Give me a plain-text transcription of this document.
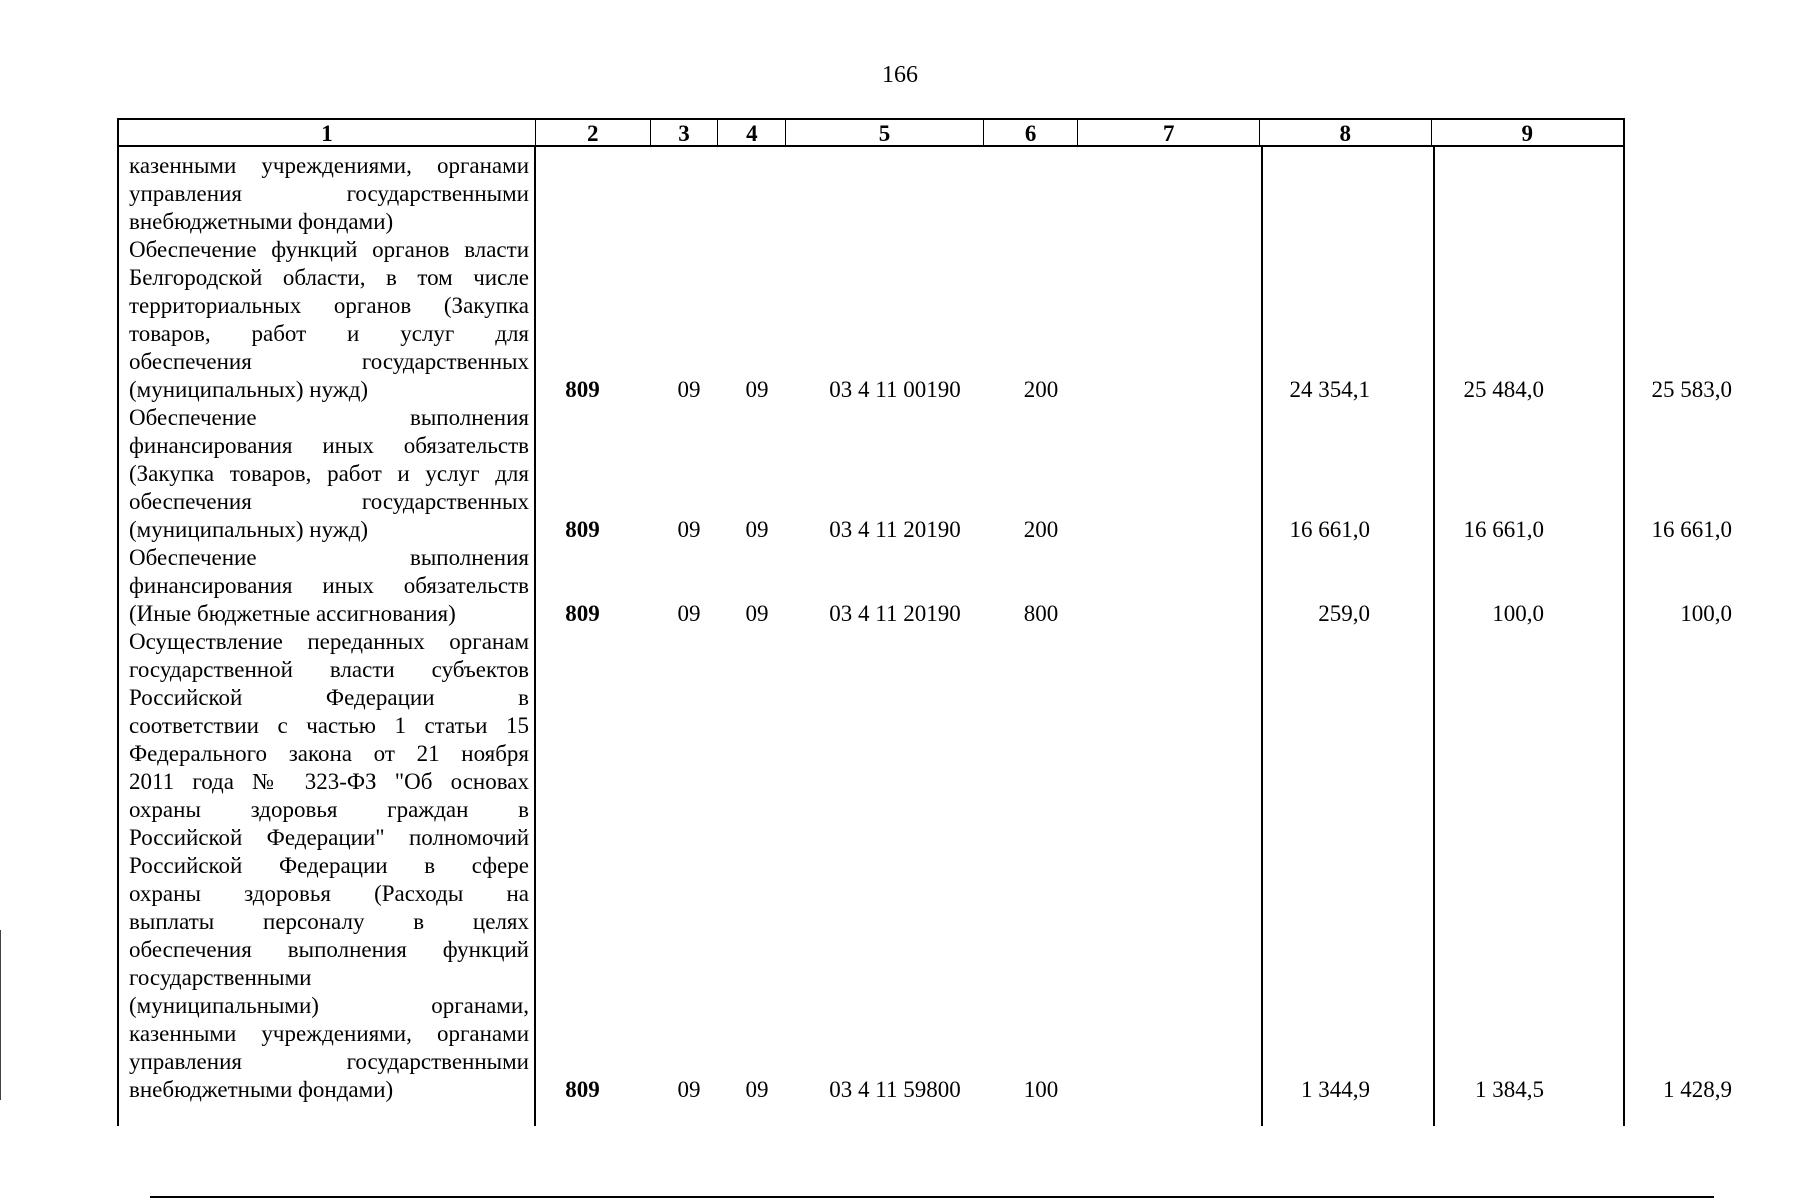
166
1	2	3	4	5	6	7	8	9

казенными учреждениями, органами

управления государственными

внебюджетными фондами)

Обеспечение функций органов власти

Белгородской области, в том числе

территориальных органов (Закупка

товаров, работ и услуг для

обеспечения государственных

(муниципальных) нужд)	809	09	09	03 4 11 00190	200	24 354,1	25 484,0	25 583,0

Обеспечение выполнения

финансирования иных обязательств

(Закупка товаров, работ и услуг для

обеспечения государственных

(муниципальных) нужд)	809	09	09	03 4 11 20190	200	16 661,0	16 661,0	16 661,0

Обеспечение выполнения

финансирования иных обязательств

(Иные бюджетные ассигнования)	809	09	09	03 4 11 20190	800	259,0	100,0	100,0

Осуществление переданных органам

государственной власти субъектов

Российской Федерации в

соответствии с частью 1 статьи 15

Федерального закона от 21 ноября

2011 года № 323-ФЗ "Об основах

охраны здоровья граждан в

Российской Федерации" полномочий

Российской Федерации в сфере

охраны здоровья (Расходы на

выплаты персоналу в целях

обеспечения выполнения функций

государственными

(муниципальными) органами,

казенными учреждениями, органами

управления государственными

внебюджетными фондами)	809	09	09	03 4 11 59800	100	1 344,9	1 384,5	1 428,9
